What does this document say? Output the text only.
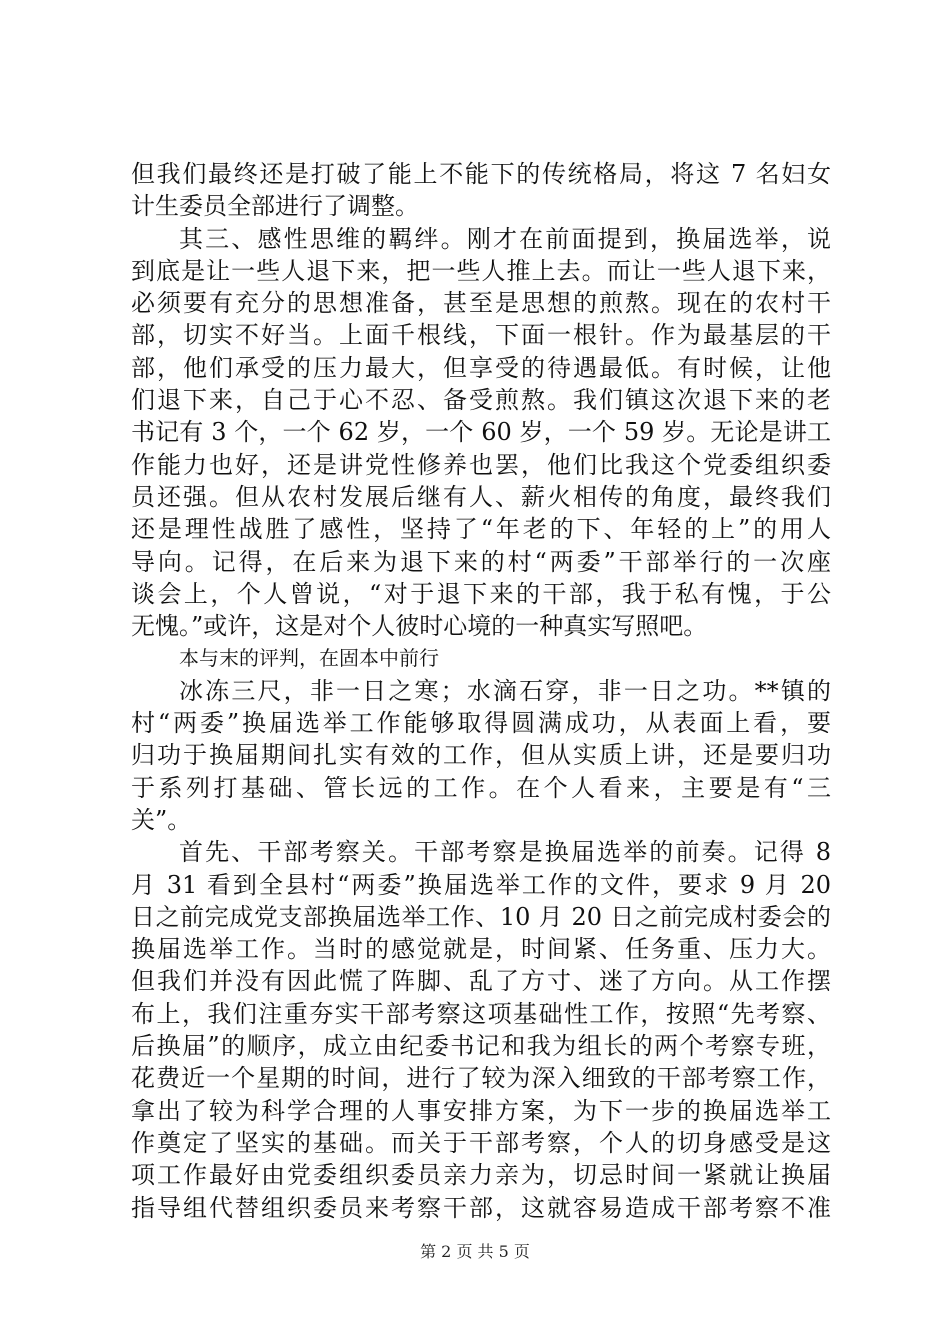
但我们最终还是打破了能上不能下的传统格局，将这 7 名妇女
计生委员全部进行了调整。
其三、感性思维的羁绊。刚才在前面提到，换届选举，说
到底是让一些人退下来，把一些人推上去。而让一些人退下来，
必须要有充分的思想准备，甚至是思想的煎熬。现在的农村干
部，切实不好当。上面千根线，下面一根针。作为最基层的干
部，他们承受的压力最大，但享受的待遇最低。有时候，让他
们退下来，自己于心不忍、备受煎熬。我们镇这次退下来的老
书记有 3 个，一个 62 岁，一个 60 岁，一个 59 岁。无论是讲工
作能力也好，还是讲党性修养也罢，他们比我这个党委组织委
员还强。但从农村发展后继有人、薪火相传的角度，最终我们
还是理性战胜了感性，坚持了“年老的下、年轻的上”的用人
导向。记得，在后来为退下来的村“两委”干部举行的一次座
谈会上，个人曾说，“对于退下来的干部，我于私有愧，于公
无愧。”或许，这是对个人彼时心境的一种真实写照吧。
本与末的评判，在固本中前行
冰冻三尺，非一日之寒；水滴石穿，非一日之功。**镇的
村“两委”换届选举工作能够取得圆满成功，从表面上看，要
归功于换届期间扎实有效的工作，但从实质上讲，还是要归功
于系列打基础、管长远的工作。在个人看来，主要是有“三
关”。
首先、干部考察关。干部考察是换届选举的前奏。记得 8
月 31 看到全县村“两委”换届选举工作的文件，要求 9 月 20
日之前完成党支部换届选举工作、10 月 20 日之前完成村委会的
换届选举工作。当时的感觉就是，时间紧、任务重、压力大。
但我们并没有因此慌了阵脚、乱了方寸、迷了方向。从工作摆
布上，我们注重夯实干部考察这项基础性工作，按照“先考察、
后换届”的顺序，成立由纪委书记和我为组长的两个考察专班，
花费近一个星期的时间，进行了较为深入细致的干部考察工作，
拿出了较为科学合理的人事安排方案，为下一步的换届选举工
作奠定了坚实的基础。而关于干部考察，个人的切身感受是这
项工作最好由党委组织委员亲力亲为，切忌时间一紧就让换届
指导组代替组织委员来考察干部，这就容易造成干部考察不准
第 2 页 共 5 页
